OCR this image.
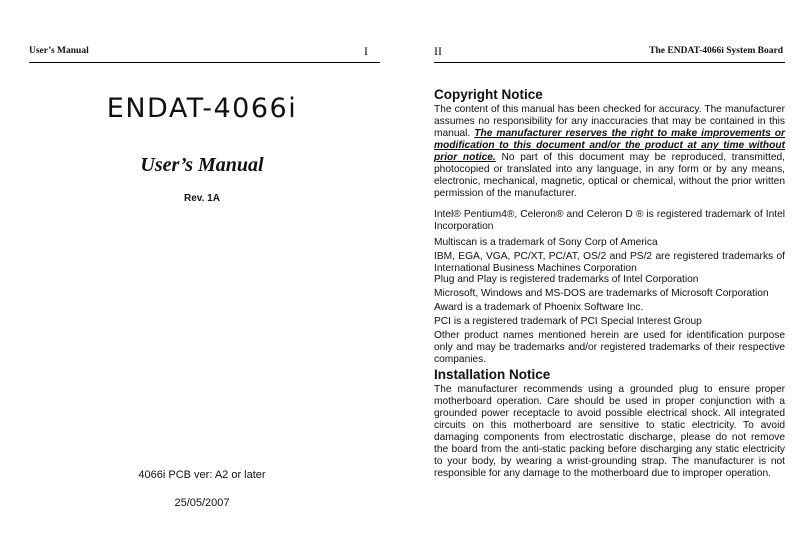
User’s Manual	I
ENDAT-4066i
User’s Manual
Rev. 1A
4066i PCB ver: A2 or later
25/05/2007
II	The ENDAT-4066i System Board
Copyright Notice

The content of this manual has been checked for accuracy. The manufacturer assumes no responsibility for any inaccuracies that may be contained in this manual. The manufacturer reserves the right to make improvements or modification to this document and/or the product at any time without prior notice. No part of this document may be reproduced, transmitted, photocopied or translated into any language, in any form or by any means, electronic, mechanical, magnetic, optical or chemical, without the prior written permission of the manufacturer.

Intel® Pentium4®, Celeron® and Celeron D ® is registered trademark of Intel Incorporation

Multiscan is a trademark of Sony Corp of America

IBM, EGA, VGA, PC/XT, PC/AT, OS/2 and PS/2 are registered trademarks of International Business Machines Corporation

Plug and Play is registered trademarks of Intel Corporation

Microsoft, Windows and MS-DOS are trademarks of Microsoft Corporation

Award is a trademark of Phoenix Software Inc.

PCI is a registered trademark of PCI Special Interest Group

Other product names mentioned herein are used for identification purpose only and may be trademarks and/or registered trademarks of their respective companies.

Installation Notice

The manufacturer recommends using a grounded plug to ensure proper motherboard operation. Care should be used in proper conjunction with a grounded power receptacle to avoid possible electrical shock. All integrated circuits on this motherboard are sensitive to static electricity. To avoid damaging components from electrostatic discharge, please do not remove the board from the anti-static packing before discharging any static electricity to your body, by wearing a wrist-grounding strap. The manufacturer is not responsible for any damage to the motherboard due to improper operation.
